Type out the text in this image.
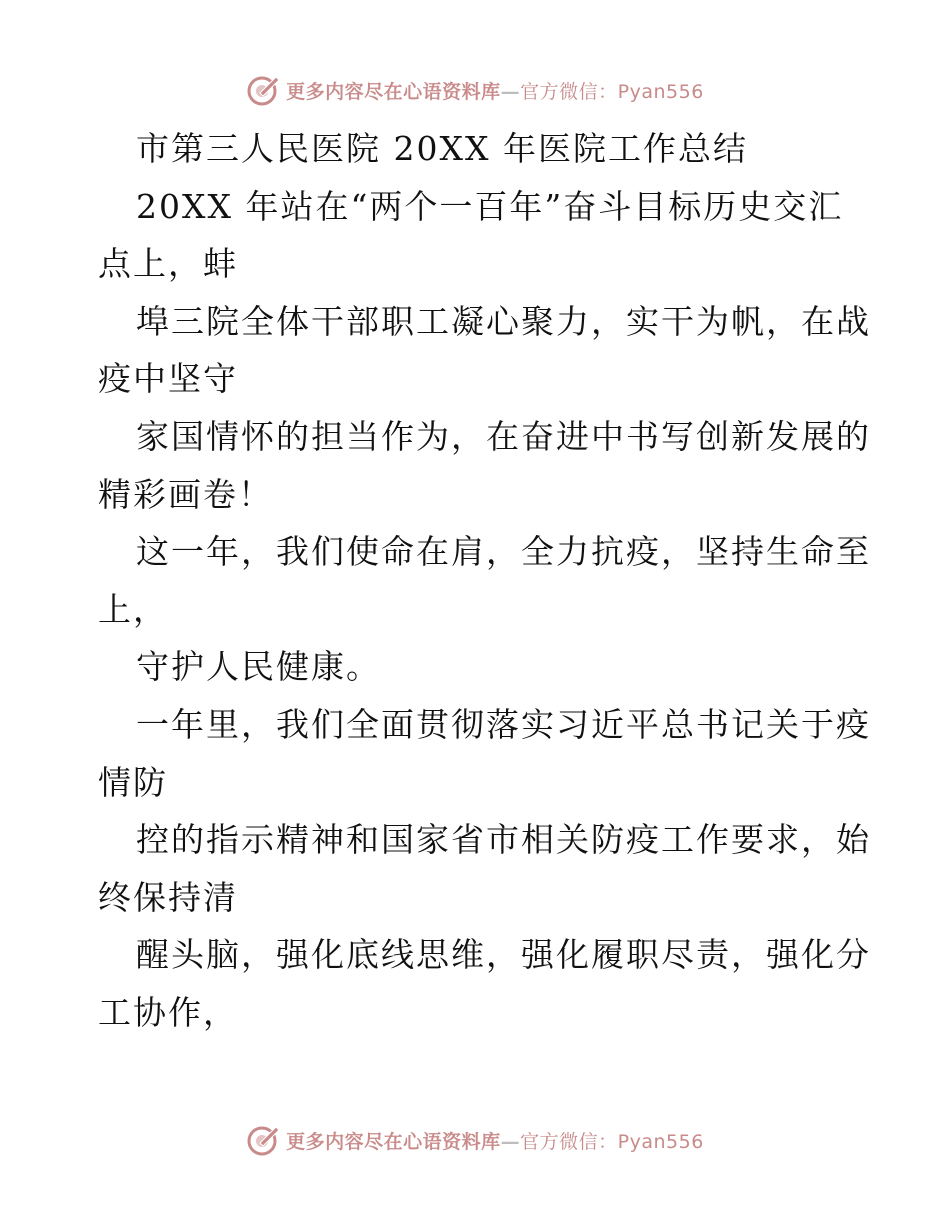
更多内容尽在心语资料库—官方微信：Pyan556
市第三人民医院 20XX 年医院工作总结
20XX 年站在“两个一百年”奋斗目标历史交汇
点上，蚌
埠三院全体干部职工凝心聚力，实干为帆，在战
疫中坚守
家国情怀的担当作为，在奋进中书写创新发展的
精彩画卷！
这一年，我们使命在肩，全力抗疫，坚持生命至
上，
守护人民健康。
一年里，我们全面贯彻落实习近平总书记关于疫
情防
控的指示精神和国家省市相关防疫工作要求，始
终保持清
醒头脑，强化底线思维，强化履职尽责，强化分
工协作，
更多内容尽在心语资料库—官方微信：Pyan556
